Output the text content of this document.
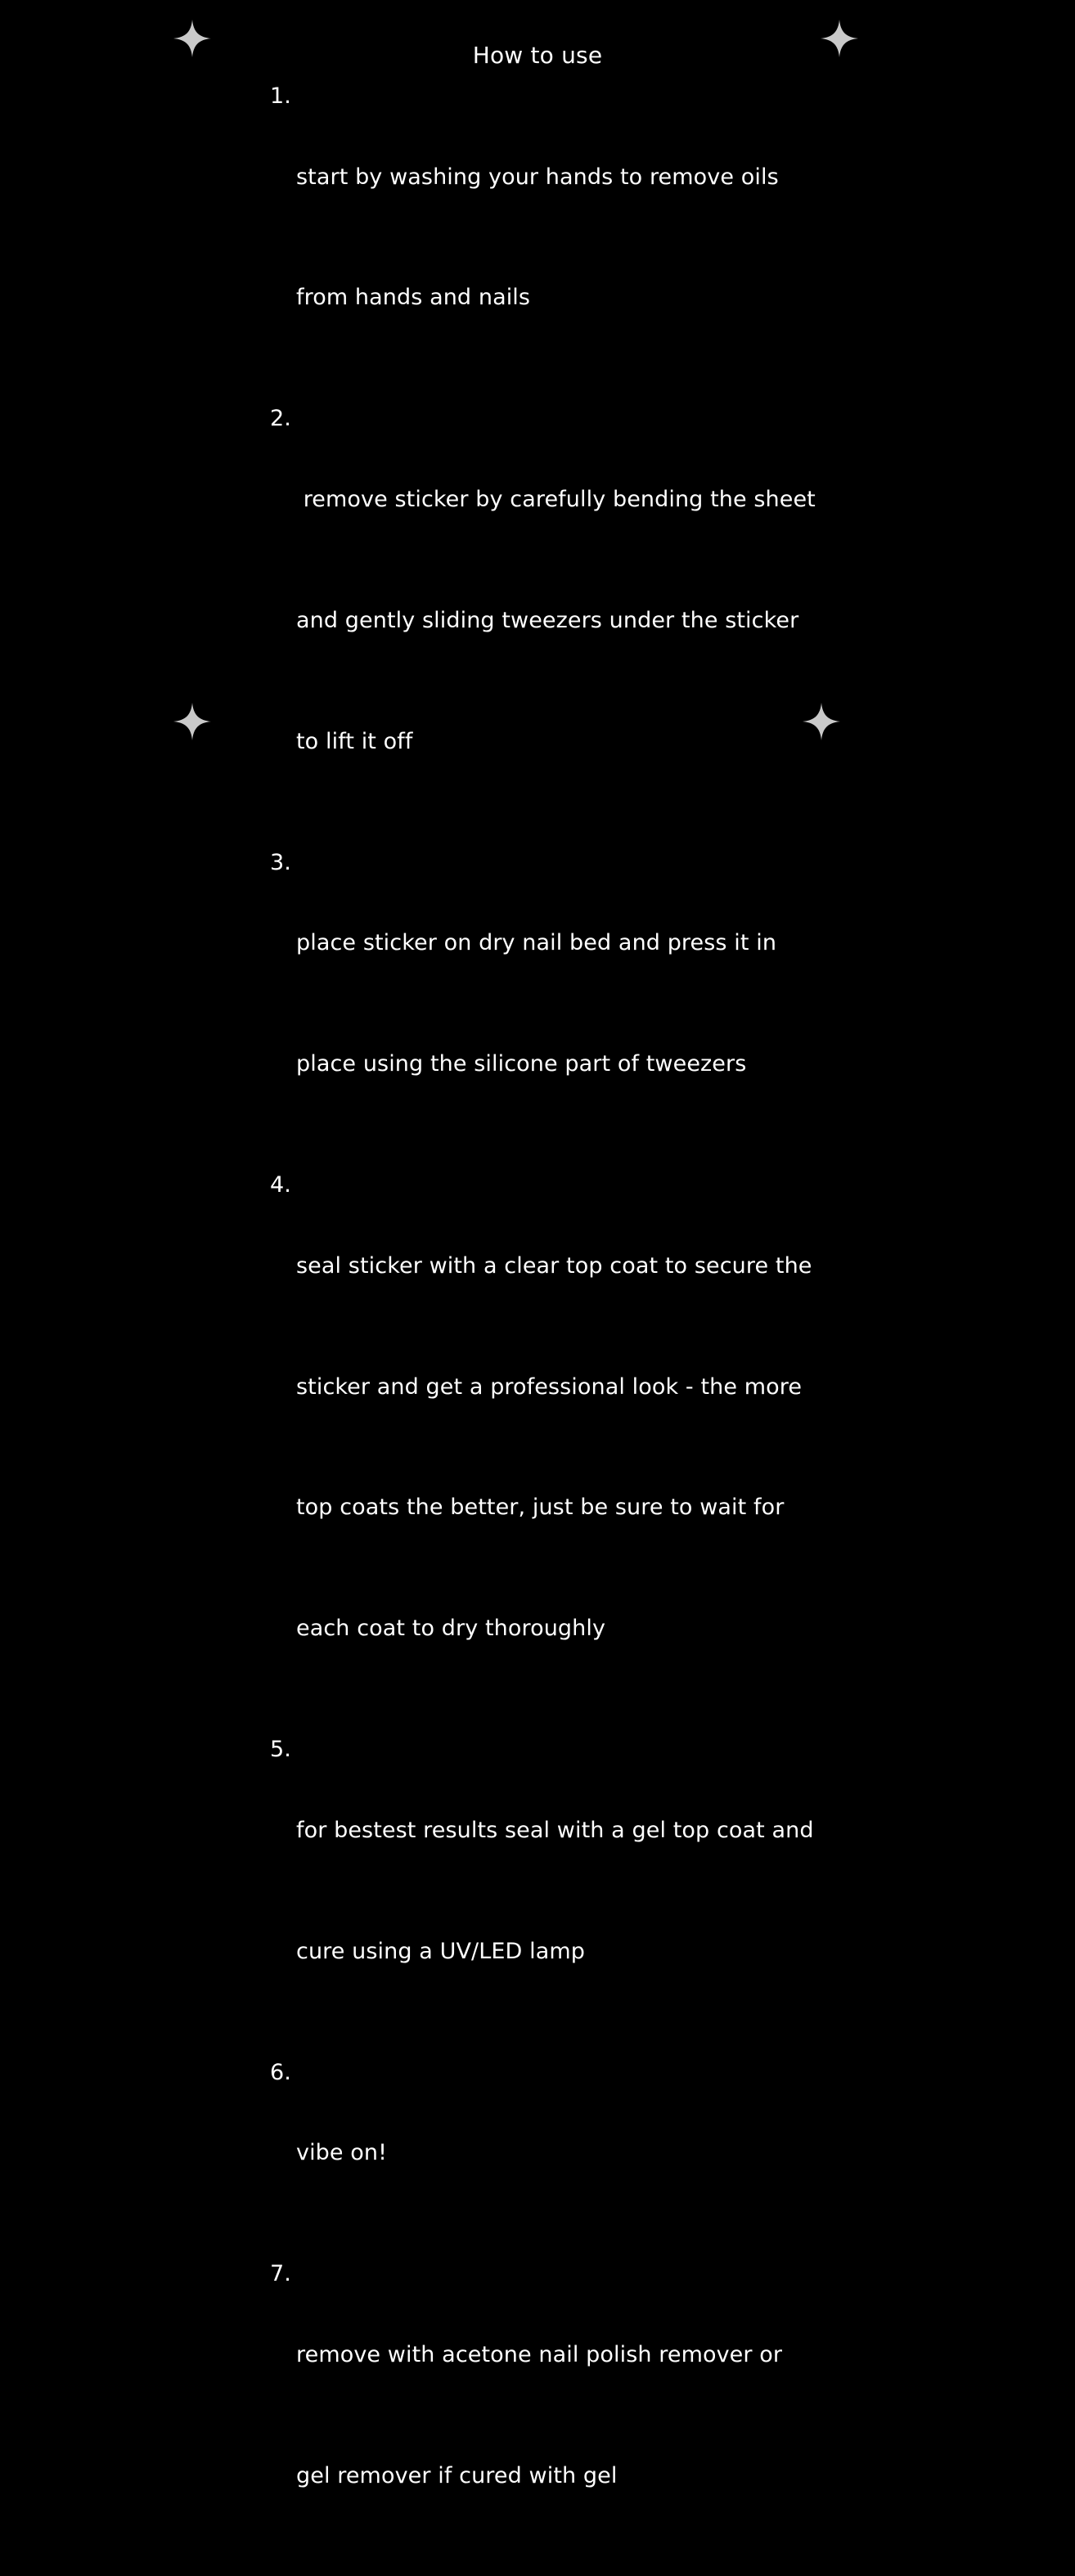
How to use
1.

start by washing your hands to remove oils

from hands and nails

2.

remove sticker by carefully bending the sheet

and gently sliding tweezers under the sticker

to lift it off

3.

place sticker on dry nail bed and press it in

place using the silicone part of tweezers

4.

seal sticker with a clear top coat to secure the

sticker and get a professional look - the more

top coats the better, just be sure to wait for

each coat to dry thoroughly

5.

for bestest results seal with a gel top coat and

cure using a UV/LED lamp

6.

vibe on!

7.

remove with acetone nail polish remover or

gel remover if cured with gel
